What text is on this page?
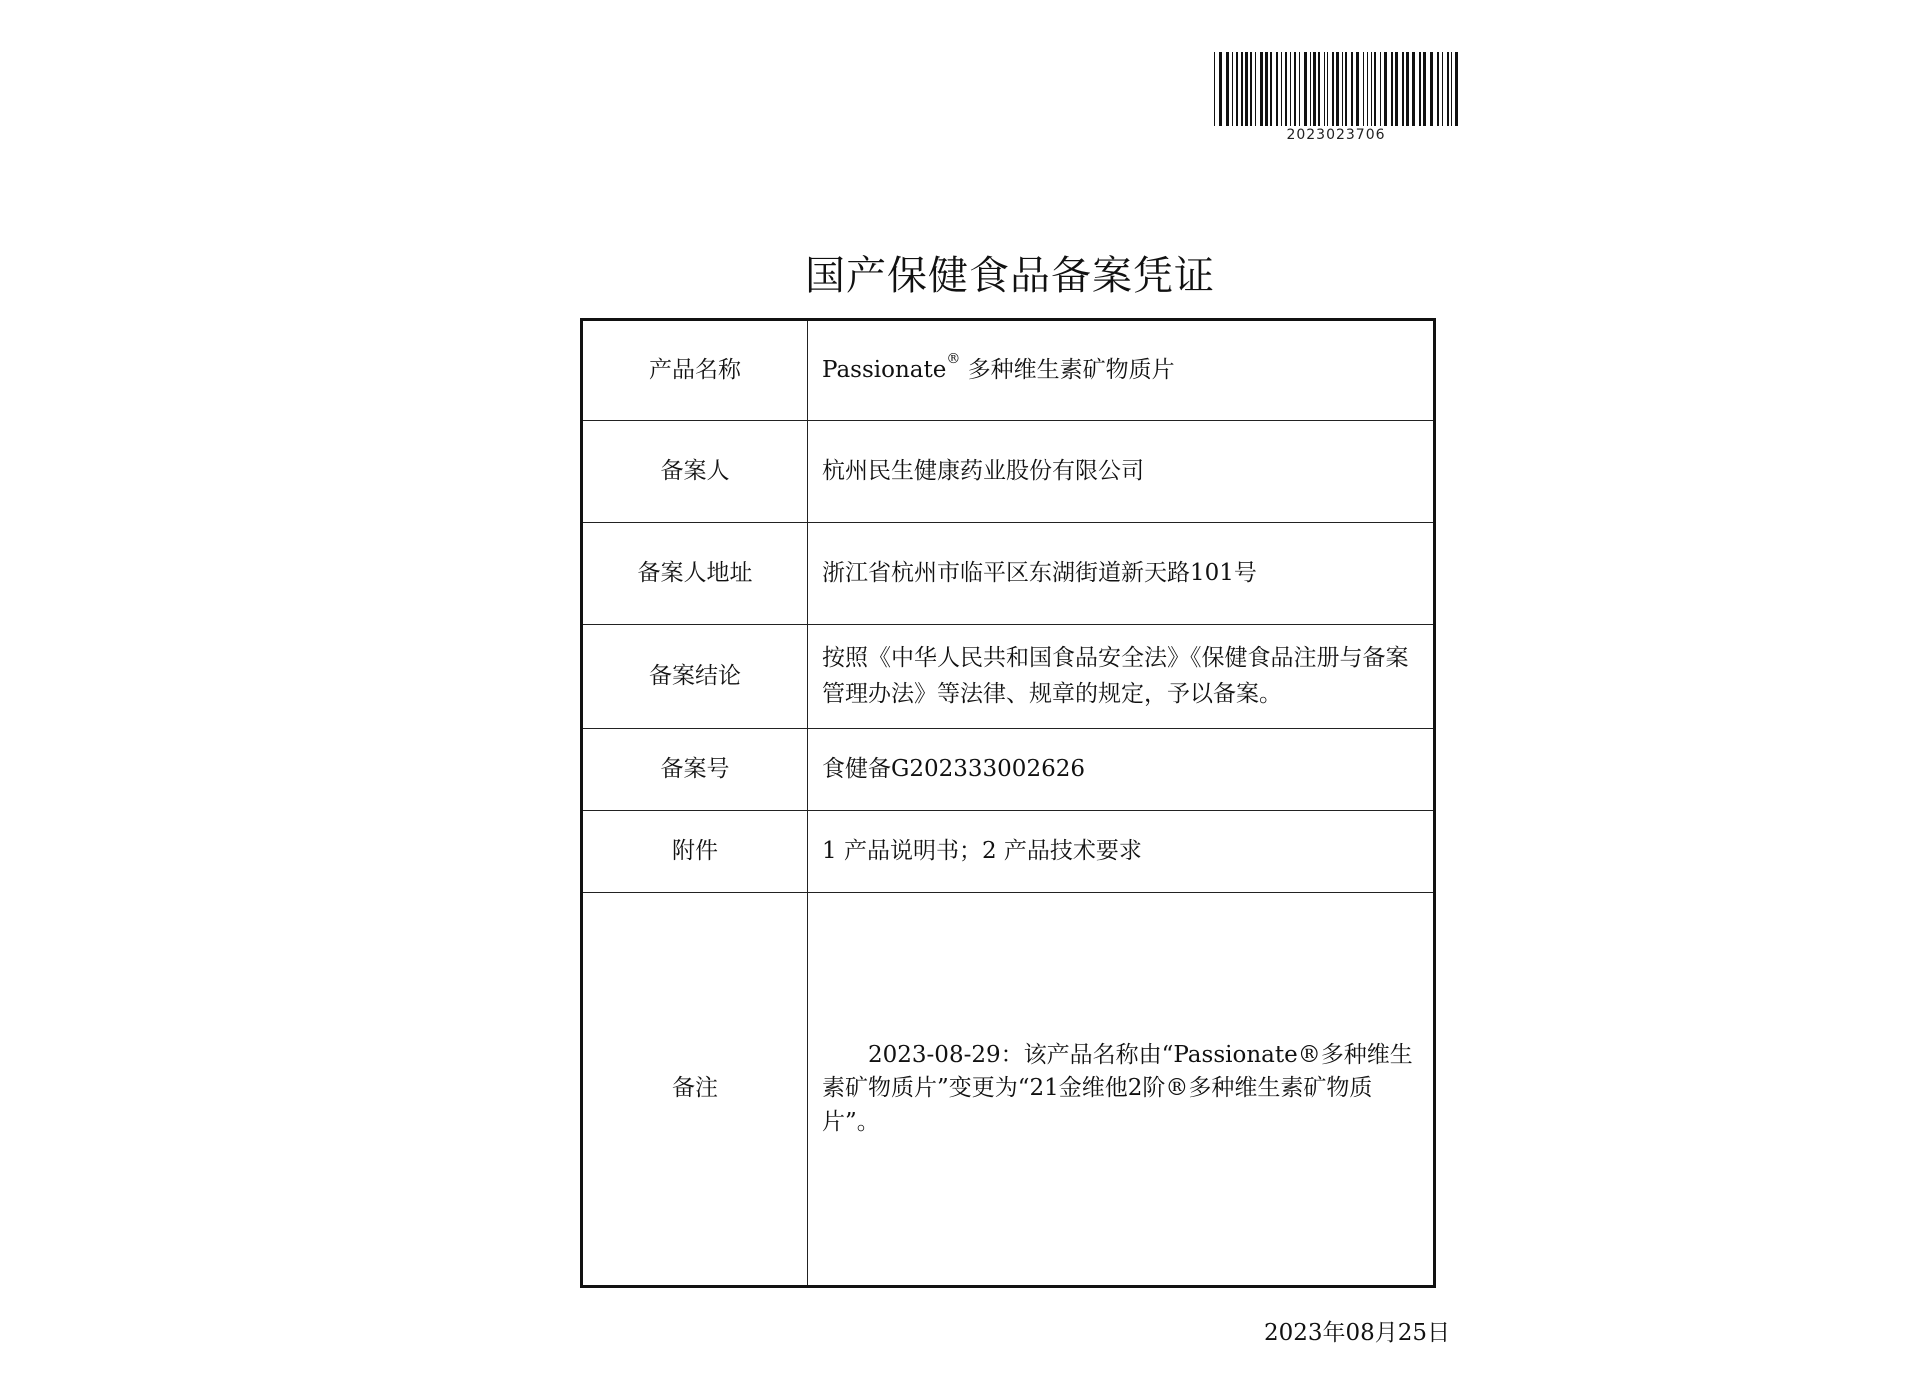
2023023706
国产保健食品备案凭证
产品名称	Passionate® 多种维生素矿物质片
备案人	杭州民生健康药业股份有限公司
备案人地址	浙江省杭州市临平区东湖街道新天路101号
备案结论	按照《中华人民共和国食品安全法》《保健食品注册与备案管理办法》等法律、规章的规定，予以备案。
备案号	食健备G202333002626
附件	1 产品说明书；2 产品技术要求
备注	2023-08-29：该产品名称由“Passionate®多种维生素矿物质片”变更为“21金维他2阶®多种维生素矿物质片”。
2023年08月25日
